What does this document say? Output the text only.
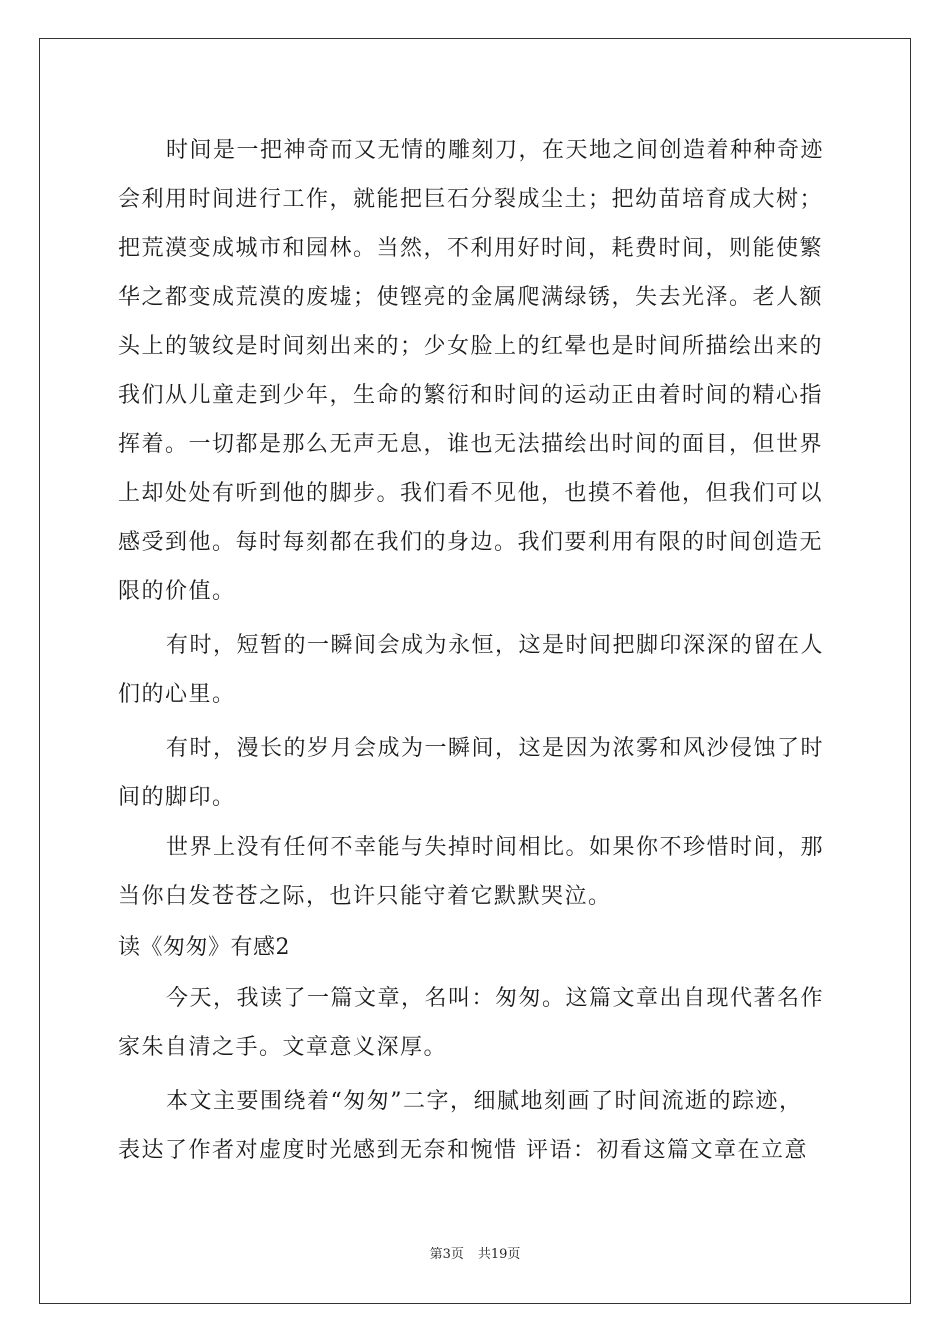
时间是一把神奇而又无情的雕刻刀，在天地之间创造着种种奇迹
会利用时间进行工作，就能把巨石分裂成尘土；把幼苗培育成大树；
把荒漠变成城市和园林。当然，不利用好时间，耗费时间，则能使繁
华之都变成荒漠的废墟；使铿亮的金属爬满绿锈，失去光泽。老人额
头上的皱纹是时间刻出来的；少女脸上的红晕也是时间所描绘出来的
我们从儿童走到少年，生命的繁衍和时间的运动正由着时间的精心指
挥着。一切都是那么无声无息，谁也无法描绘出时间的面目，但世界
上却处处有听到他的脚步。我们看不见他，也摸不着他，但我们可以
感受到他。每时每刻都在我们的身边。我们要利用有限的时间创造无
限的价值。
有时，短暂的一瞬间会成为永恒，这是时间把脚印深深的留在人
们的心里。
有时，漫长的岁月会成为一瞬间，这是因为浓雾和风沙侵蚀了时
间的脚印。
世界上没有任何不幸能与失掉时间相比。如果你不珍惜时间，那
当你白发苍苍之际，也许只能守着它默默哭泣。
读《匆匆》有感2
今天，我读了一篇文章，名叫：匆匆。这篇文章出自现代著名作
家朱自清之手。文章意义深厚。
本文主要围绕着“匆匆”二字，细腻地刻画了时间流逝的踪迹，
表达了作者对虚度时光感到无奈和惋惜 评语：初看这篇文章在立意
第3页 共19页
